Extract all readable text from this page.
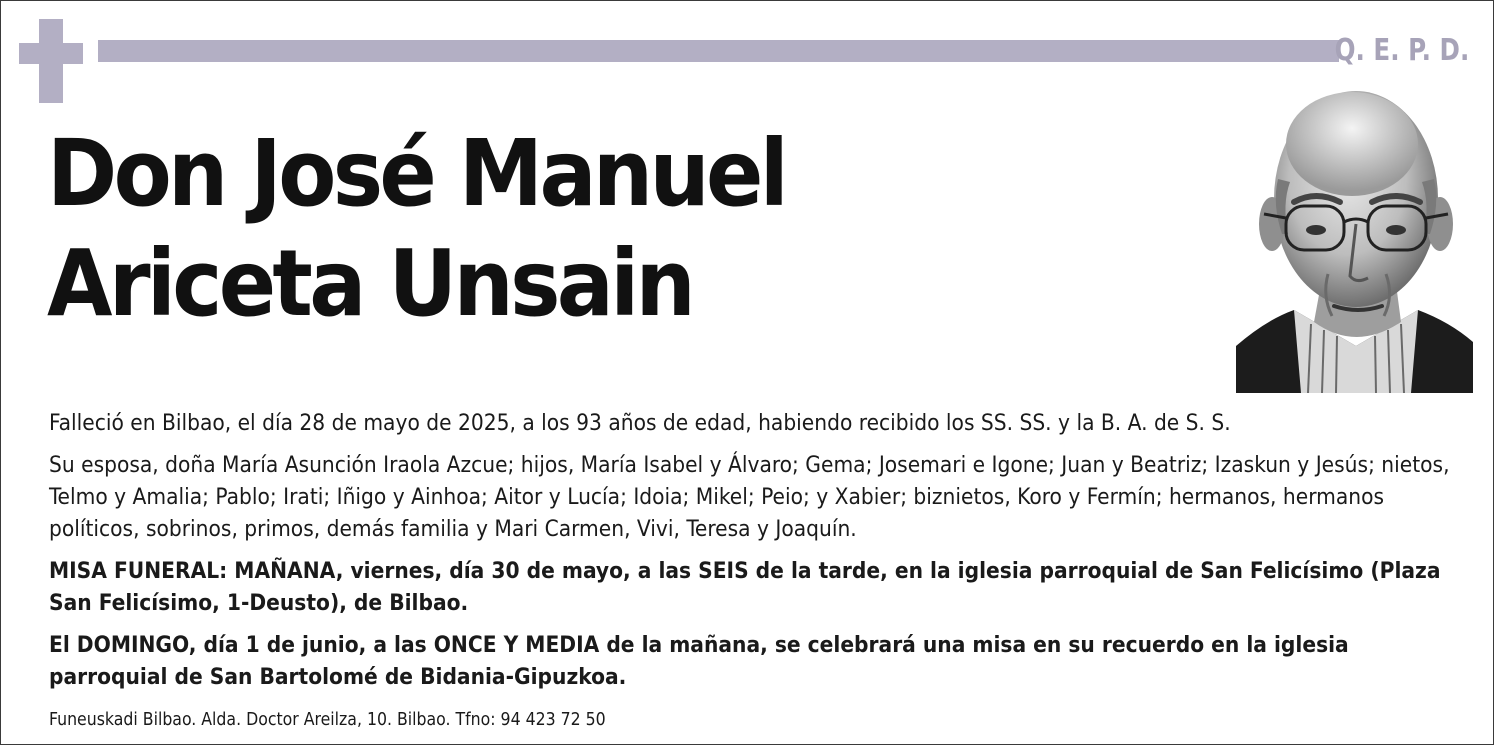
Q. E. P. D.
Don José Manuel
Ariceta Unsain

Falleció en Bilbao, el día 28 de mayo de 2025, a los 93 años de edad, habiendo recibido los SS. SS. y la B. A. de S. S.

Su esposa, doña María Asunción Iraola Azcue; hijos, María Isabel y Álvaro; Gema; Josemari e Igone; Juan y Beatriz; Izaskun y Jesús; nietos, Telmo y Amalia; Pablo; Irati; Iñigo y Ainhoa; Aitor y Lucía; Idoia; Mikel; Peio; y Xabier; biznietos, Koro y Fermín; hermanos, hermanos políticos, sobrinos, primos, demás familia y Mari Carmen, Vivi, Teresa y Joaquín.

MISA FUNERAL: MAÑANA, viernes, día 30 de mayo, a las SEIS de la tarde, en la iglesia parroquial de San Felicísimo (Plaza San Felicísimo, 1-Deusto), de Bilbao.

El DOMINGO, día 1 de junio, a las ONCE Y MEDIA de la mañana, se celebrará una misa en su recuerdo en la iglesia parroquial de San Bartolomé de Bidania-Gipuzkoa.

Funeuskadi Bilbao. Alda. Doctor Areilza, 10. Bilbao. Tfno: 94 423 72 50
